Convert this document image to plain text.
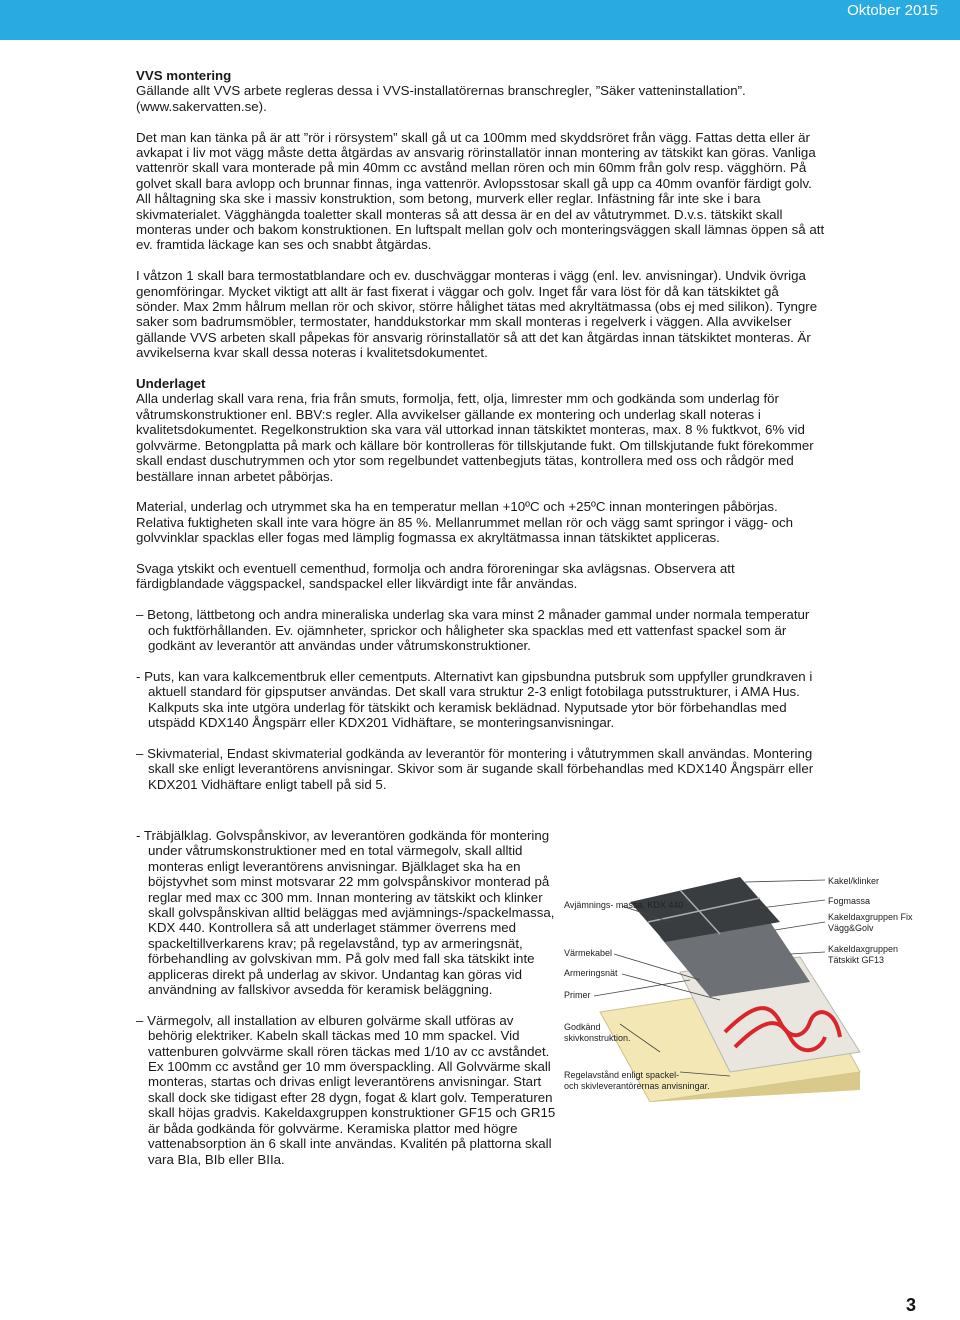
Oktober 2015
VVS montering

Gällande allt VVS arbete regleras dessa i VVS-installatörernas branschregler, ”Säker vatteninstallation”. (www.sakervatten.se).

Det man kan tänka på är att ”rör i rörsystem” skall gå ut ca 100mm med skyddsröret från vägg. Fattas detta eller är avkapat i liv mot vägg måste detta åtgärdas av ansvarig rörinstallatör innan montering av tätskikt kan göras. Vanliga vattenrör skall vara monterade på min 40mm cc avstånd mellan rören och min 60mm från golv resp. vägghörn. På golvet skall bara avlopp och brunnar finnas, inga vattenrör. Avlopsstosar skall gå upp ca 40mm ovanför färdigt golv. All håltagning ska ske i massiv konstruktion, som betong, murverk eller reglar. Infästning får inte ske i bara skivmaterialet. Vägghängda toaletter skall monteras så att dessa är en del av våtutrymmet. D.v.s. tätskikt skall monteras under och bakom konstruktionen. En luftspalt mellan golv och monteringsväggen skall lämnas öppen så att ev. framtida läckage kan ses och snabbt åtgärdas.

I våtzon 1 skall bara termostatblandare och ev. duschväggar monteras i vägg (enl. lev. anvisningar). Undvik övriga genomföringar. Mycket viktigt att allt är fast fixerat i väggar och golv. Inget får vara löst för då kan tätskiktet gå sönder. Max 2mm hålrum mellan rör och skivor, större hålighet tätas med akryltätmassa (obs ej med silikon). Tyngre saker som badrumsmöbler, termostater, handdukstorkar mm skall monteras i regelverk i väggen. Alla avvikelser gällande VVS arbeten skall påpekas för ansvarig rörinstallatör så att det kan åtgärdas innan tätskiktet monteras. Är avvikelserna kvar skall dessa noteras i kvalitetsdokumentet.

Underlaget

Alla underlag skall vara rena, fria från smuts, formolja, fett, olja, limrester mm och godkända som underlag för våtrumskonstruktioner enl. BBV:s regler. Alla avvikelser gällande ex montering och underlag skall noteras i kvalitetsdokumentet. Regelkonstruktion ska vara väl uttorkad innan tätskiktet monteras, max. 8 % fuktkvot, 6% vid golvvärme. Betongplatta på mark och källare bör kontrolleras för tillskjutande fukt. Om tillskjutande fukt förekommer skall endast duschutrymmen och ytor som regelbundet vattenbegjuts tätas, kontrollera med oss och rådgör med beställare innan arbetet påbörjas.

Material, underlag och utrymmet ska ha en temperatur mellan +10ºC och +25ºC innan monteringen påbörjas. Relativa fuktigheten skall inte vara högre än 85 %. Mellanrummet mellan rör och vägg samt springor i vägg- och golvvinklar spacklas eller fogas med lämplig fogmassa ex akryltätmassa innan tätskiktet appliceras.

Svaga ytskikt och eventuell cementhud, formolja och andra föroreningar ska avlägsnas. Observera att färdigblandade väggspackel, sandspackel eller likvärdigt inte får användas.

– Betong, lättbetong och andra mineraliska underlag ska vara minst 2 månader gammal under normala temperatur och fuktförhållanden. Ev. ojämnheter, sprickor och håligheter ska spacklas med ett vattenfast spackel som är godkänt av leverantör att användas under våtrumskonstruktioner.

- Puts, kan vara kalkcementbruk eller cementputs. Alternativt kan gipsbundna putsbruk som uppfyller grundkraven i aktuell standard för gipsputser användas. Det skall vara struktur 2-3 enligt fotobilaga putsstrukturer, i AMA Hus. Kalkputs ska inte utgöra underlag för tätskikt och keramisk beklädnad. Nyputsade ytor bör förbehandlas med utspädd KDX140 Ångspärr eller KDX201 Vidhäftare, se monteringsanvisningar.

– Skivmaterial, Endast skivmaterial godkända av leverantör för montering i våtutrymmen skall användas. Montering skall ske enligt leverantörens anvisningar. Skivor som är sugande skall förbehandlas med KDX140 Ångspärr eller KDX201 Vidhäftare enligt tabell på sid 5.

- Träbjälklag. Golvspånskivor, av leverantören godkända för montering under våtrumskonstruktioner med en total värmegolv, skall alltid monteras enligt leverantörens anvisningar. Bjälklaget ska ha en böjstyvhet som minst motsvarar 22 mm golvspånskivor monterad på reglar med max cc 300 mm. Innan montering av tätskikt och klinker skall golvspånskivan alltid beläggas med avjämnings-/spackelmassa, KDX 440. Kontrollera så att underlaget stämmer överrens med spackeltillverkarens krav; på regelavstånd, typ av armeringsnät, förbehandling av golvskivan mm. På golv med fall ska tätskikt inte appliceras direkt på underlag av skivor. Undantag kan göras vid användning av fallskivor avsedda för keramisk beläggning.

– Värmegolv, all installation av elburen golvärme skall utföras av behörig elektriker. Kabeln skall täckas med 10 mm spackel. Vid vattenburen golvvärme skall rören täckas med 1/10 av cc avståndet. Ex 100mm cc avstånd ger 10 mm överspackling. All Golvvärme skall monteras, startas och drivas enligt leverantörens anvisningar. Start skall dock ske tidigast efter 28 dygn, fogat & klart golv. Temperaturen skall höjas gradvis. Kakeldaxgruppen konstruktioner GF15 och GR15 är båda godkända för golvvärme. Keramiska plattor med högre vattenabsorption än 6 skall inte användas. Kvalitén på plattorna skall vara BIa, BIb eller BIIa.

Avjämnings- massa, KDX 440
Värmekabel
Armeringsnät
Primer
Godkänd
skivkonstruktion.
Regelavstånd enligt spackel-
och skivleverantörernas anvisningar.
Kakel/klinker
Fogmassa
Kakeldaxgruppen Fix
Vägg&Golv
Kakeldaxgruppen
Tätskikt GF13
3
